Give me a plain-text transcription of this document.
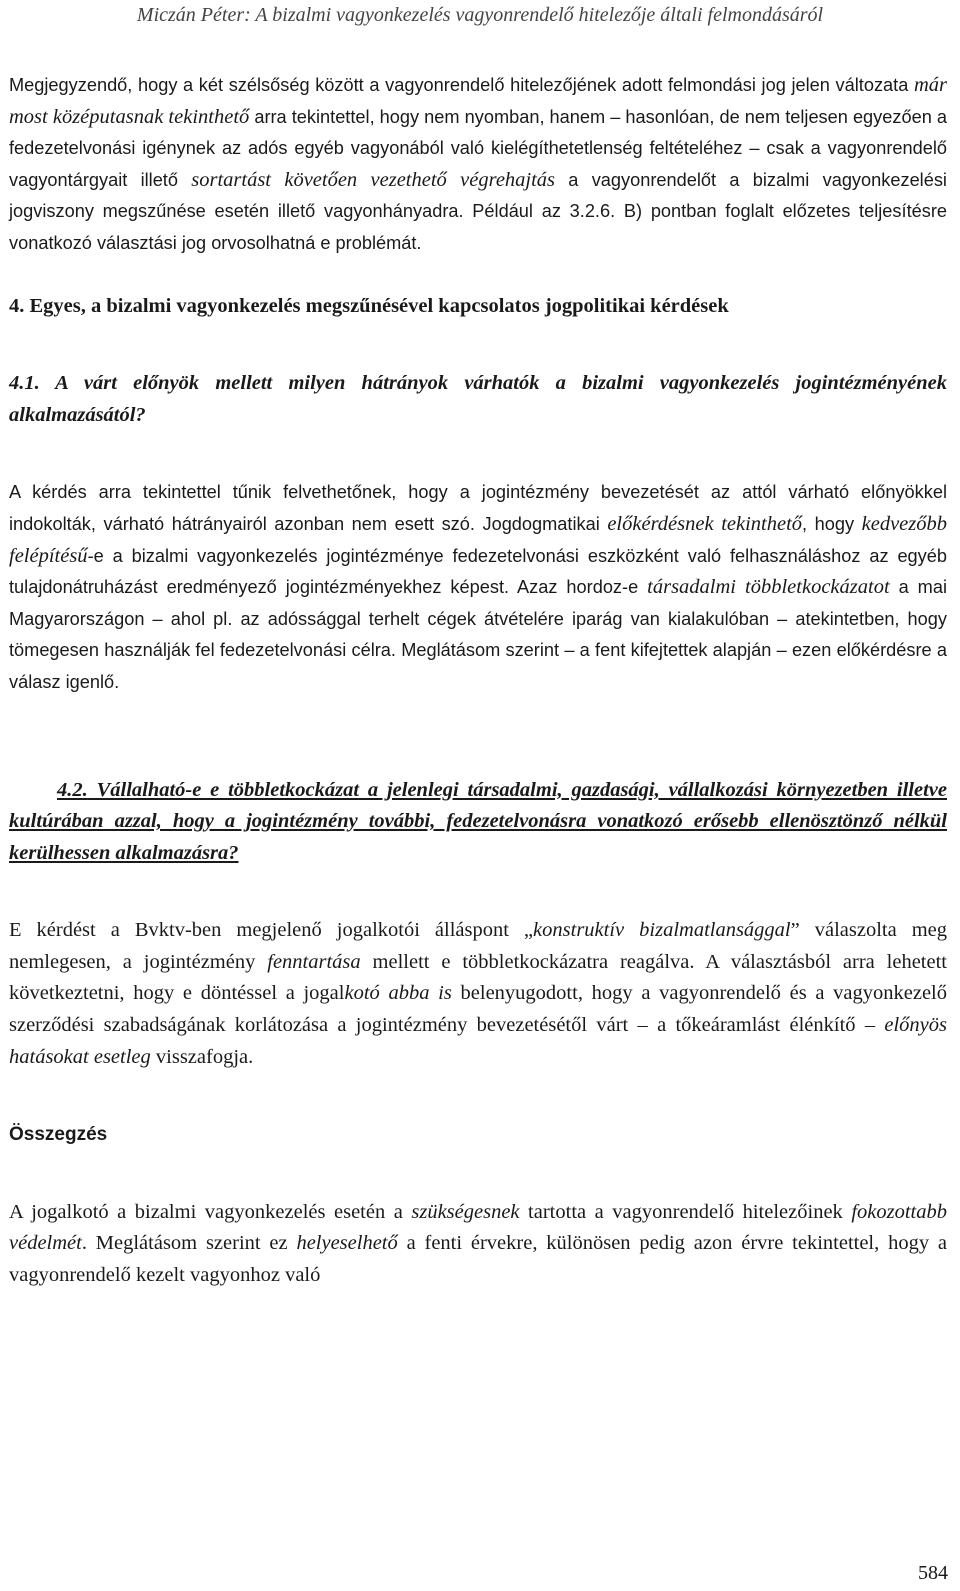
Miczán Péter: A bizalmi vagyonkezelés vagyonrendelő hitelezője általi felmondásáról

Megjegyzendő, hogy a két szélsőség között a vagyonrendelő hitelezőjének adott felmondási jog jelen változata már most középutasnak tekinthető arra tekintettel, hogy nem nyomban, hanem – hasonlóan, de nem teljesen egyezően a fedezetelvonási igénynek az adós egyéb vagyonából való kielégíthetetlenség feltételéhez – csak a vagyonrendelő vagyontárgyait illető sortartást követően vezethető végrehajtás a vagyonrendelőt a bizalmi vagyonkezelési jogviszony megszűnése esetén illető vagyonhányadra. Például az 3.2.6. B) pontban foglalt előzetes teljesítésre vonatkozó választási jog orvosolhatná e problémát.

4. Egyes, a bizalmi vagyonkezelés megszűnésével kapcsolatos jogpolitikai kérdések

4.1. A várt előnyök mellett milyen hátrányok várhatók a bizalmi vagyonkezelés jogintézményének alkalmazásától?

A kérdés arra tekintettel tűnik felvethetőnek, hogy a jogintézmény bevezetését az attól várható előnyökkel indokolták, várható hátrányairól azonban nem esett szó. Jogdogmatikai előkérdésnek tekinthető, hogy kedvezőbb felépítésű-e a bizalmi vagyonkezelés jogintézménye fedezetelvonási eszközként való felhasználáshoz az egyéb tulajdonátruházást eredményező jogintézményekhez képest. Azaz hordoz-e társadalmi többletkockázatot a mai Magyarországon – ahol pl. az adóssággal terhelt cégek átvételére iparág van kialakulóban – atekintetben, hogy tömegesen használják fel fedezetelvonási célra. Meglátásom szerint – a fent kifejtettek alapján – ezen előkérdésre a válasz igenlő.

4.2. Vállalható-e e többletkockázat a jelenlegi társadalmi, gazdasági, vállalkozási környezetben illetve kultúrában azzal, hogy a jogintézmény további, fedezetelvonásra vonatkozó erősebb ellenösztönző nélkül kerülhessen alkalmazásra?

E kérdést a Bvktv-ben megjelenő jogalkotói álláspont „konstruktív bizalmatlansággal” válaszolta meg nemlegesen, a jogintézmény fenntartása mellett e többletkockázatra reagálva. A választásból arra lehetett következtetni, hogy e döntéssel a jogalkotó abba is belenyugodott, hogy a vagyonrendelő és a vagyonkezelő szerződési szabadságának korlátozása a jogintézmény bevezetésétől várt – a tőkeáramlást élénkítő – előnyös hatásokat esetleg visszafogja.

Összegzés

A jogalkotó a bizalmi vagyonkezelés esetén a szükségesnek tartotta a vagyonrendelő hitelezőinek fokozottabb védelmét. Meglátásom szerint ez helyeselhető a fenti érvekre, különösen pedig azon érvre tekintettel, hogy a vagyonrendelő kezelt vagyonhoz való

584
